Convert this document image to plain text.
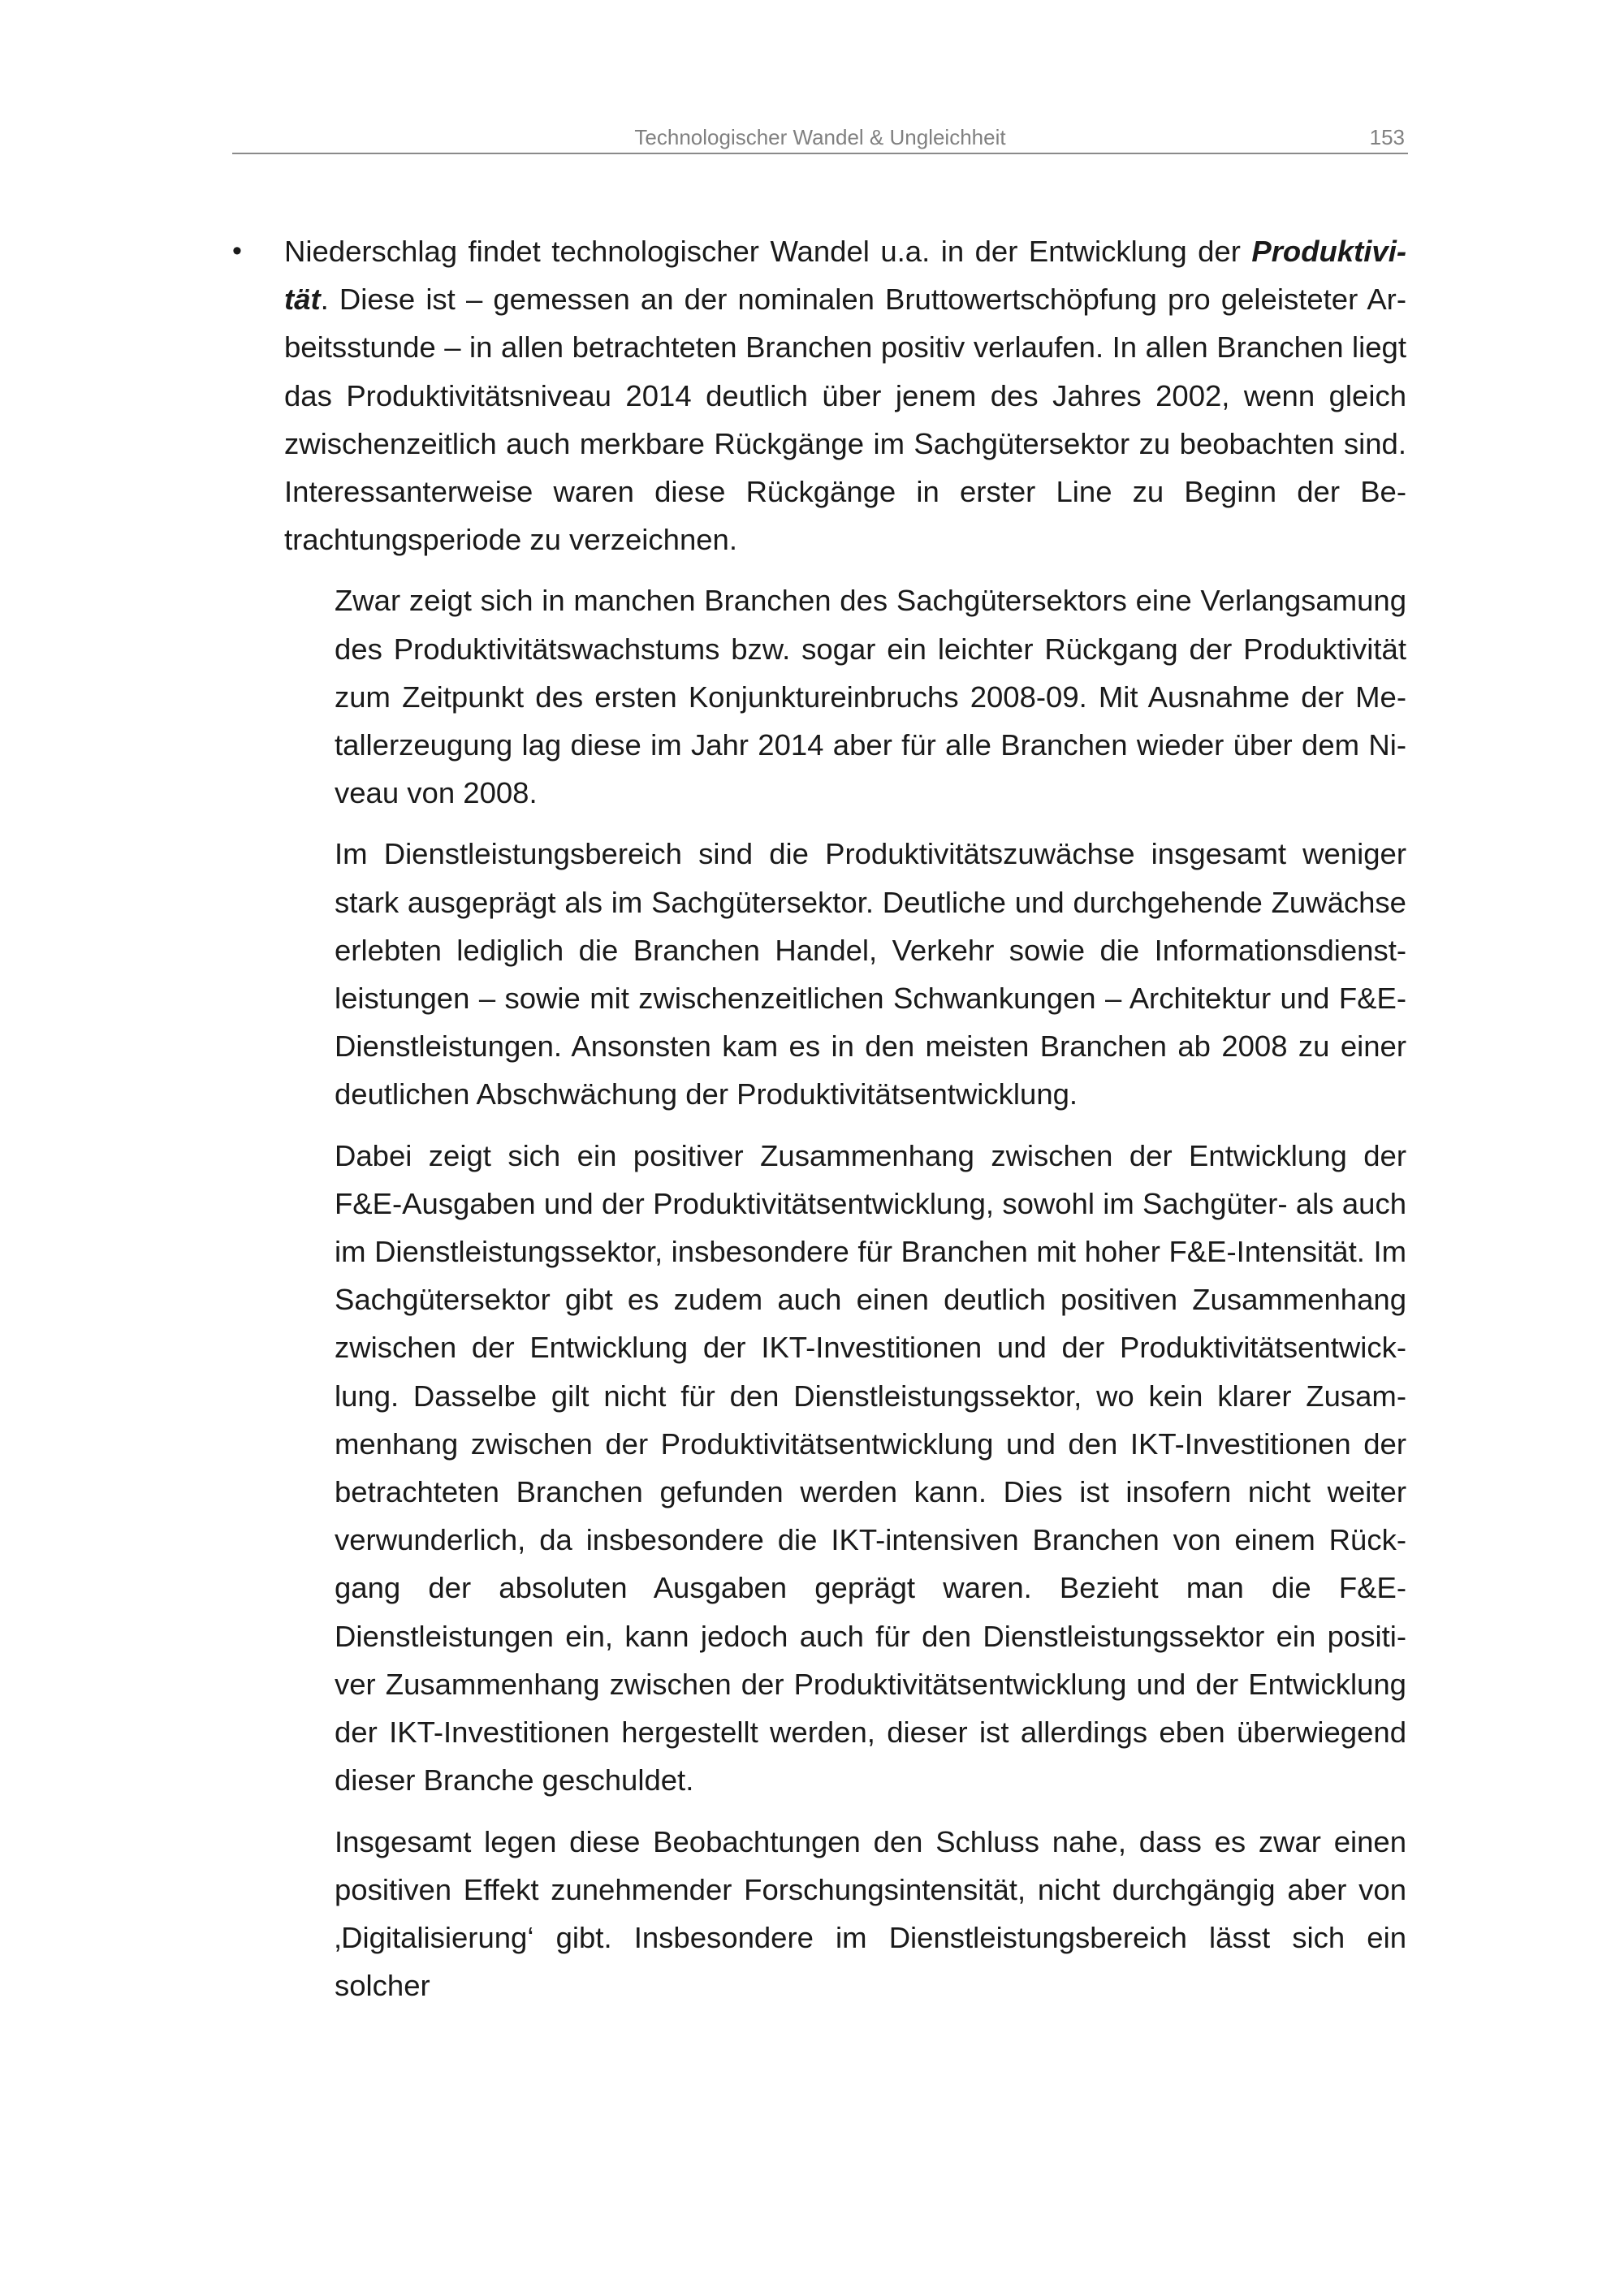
Technologischer Wandel & Ungleichheit	153
•	Niederschlag findet technologischer Wandel u.a. in der Entwicklung der Produktivität. Diese ist – gemessen an der nominalen Bruttowertschöpfung pro geleisteter Arbeitsstunde – in allen betrachteten Branchen positiv verlaufen. In allen Branchen liegt das Produktivitätsniveau 2014 deutlich über jenem des Jahres 2002, wenn gleich zwischenzeitlich auch merkbare Rückgänge im Sachgütersektor zu beobachten sind. Interessanterweise waren diese Rückgänge in erster Line zu Beginn der Betrachtungsperiode zu verzeichnen.
Zwar zeigt sich in manchen Branchen des Sachgütersektors eine Verlangsamung des Produktivitätswachstums bzw. sogar ein leichter Rückgang der Produktivität zum Zeitpunkt des ersten Konjunktureinbruchs 2008-09. Mit Ausnahme der Metallerzeugung lag diese im Jahr 2014 aber für alle Branchen wieder über dem Niveau von 2008.
Im Dienstleistungsbereich sind die Produktivitätszuwächse insgesamt weniger stark ausgeprägt als im Sachgütersektor. Deutliche und durchgehende Zuwächse erlebten lediglich die Branchen Handel, Verkehr sowie die Informationsdienstleistungen – sowie mit zwischenzeitlichen Schwankungen – Architektur und F&E-Dienstleistungen. Ansonsten kam es in den meisten Branchen ab 2008 zu einer deutlichen Abschwächung der Produktivitätsentwicklung.
Dabei zeigt sich ein positiver Zusammenhang zwischen der Entwicklung der F&E-Ausgaben und der Produktivitätsentwicklung, sowohl im Sachgüter- als auch im Dienstleistungssektor, insbesondere für Branchen mit hoher F&E-Intensität. Im Sachgütersektor gibt es zudem auch einen deutlich positiven Zusammenhang zwischen der Entwicklung der IKT-Investitionen und der Produktivitätsentwicklung. Dasselbe gilt nicht für den Dienstleistungssektor, wo kein klarer Zusammenhang zwischen der Produktivitätsentwicklung und den IKT-Investitionen der betrachteten Branchen gefunden werden kann. Dies ist insofern nicht weiter verwunderlich, da insbesondere die IKT-intensiven Branchen von einem Rückgang der absoluten Ausgaben geprägt waren. Bezieht man die F&E-Dienstleistungen ein, kann jedoch auch für den Dienstleistungssektor ein positiver Zusammenhang zwischen der Produktivitätsentwicklung und der Entwicklung der IKT-Investitionen hergestellt werden, dieser ist allerdings eben überwiegend dieser Branche geschuldet.
Insgesamt legen diese Beobachtungen den Schluss nahe, dass es zwar einen positiven Effekt zunehmender Forschungsintensität, nicht durchgängig aber von ‚Digitalisierung‘ gibt. Insbesondere im Dienstleistungsbereich lässt sich ein solcher
